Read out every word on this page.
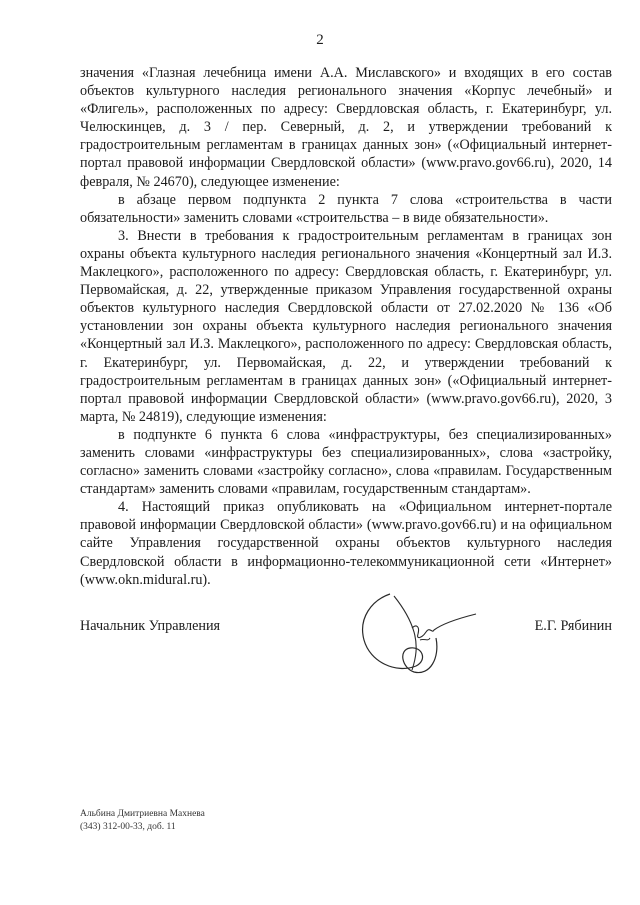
2

значения «Глазная лечебница имени А.А. Миславского» и входящих в его состав объектов культурного наследия регионального значения «Корпус лечебный» и «Флигель», расположенных по адресу: Свердловская область, г. Екатеринбург, ул. Челюскинцев, д. 3 / пер. Северный, д. 2, и утверждении требований к градостроительным регламентам в границах данных зон» («Официальный интернет-портал правовой информации Свердловской области» (www.pravo.gov66.ru), 2020, 14 февраля, № 24670), следующее изменение:

в абзаце первом подпункта 2 пункта 7 слова «строительства в части обязательности» заменить словами «строительства – в виде обязательности».

3. Внести в требования к градостроительным регламентам в границах зон охраны объекта культурного наследия регионального значения «Концертный зал И.З. Маклецкого», расположенного по адресу: Свердловская область, г. Екатеринбург, ул. Первомайская, д. 22, утвержденные приказом Управления государственной охраны объектов культурного наследия Свердловской области от 27.02.2020 № 136 «Об установлении зон охраны объекта культурного наследия регионального значения «Концертный зал И.З. Маклецкого», расположенного по адресу: Свердловская область, г. Екатеринбург, ул. Первомайская, д. 22, и утверждении требований к градостроительным регламентам в границах данных зон» («Официальный интернет-портал правовой информации Свердловской области» (www.pravo.gov66.ru), 2020, 3 марта, № 24819), следующие изменения:

в подпункте 6 пункта 6 слова «инфраструктуры, без специализированных» заменить словами «инфраструктуры без специализированных», слова «застройку, согласно» заменить словами «застройку согласно», слова «правилам. Государственным стандартам» заменить словами «правилам, государственным стандартам».

4. Настоящий приказ опубликовать на «Официальном интернет-портале правовой информации Свердловской области» (www.pravo.gov66.ru) и на официальном сайте Управления государственной охраны объектов культурного наследия Свердловской области в информационно-телекоммуникационной сети «Интернет» (www.okn.midural.ru).

Начальник Управления	Е.Г. Рябинин
Альбина Дмитриевна Махнева
(343) 312-00-33, доб. 11
